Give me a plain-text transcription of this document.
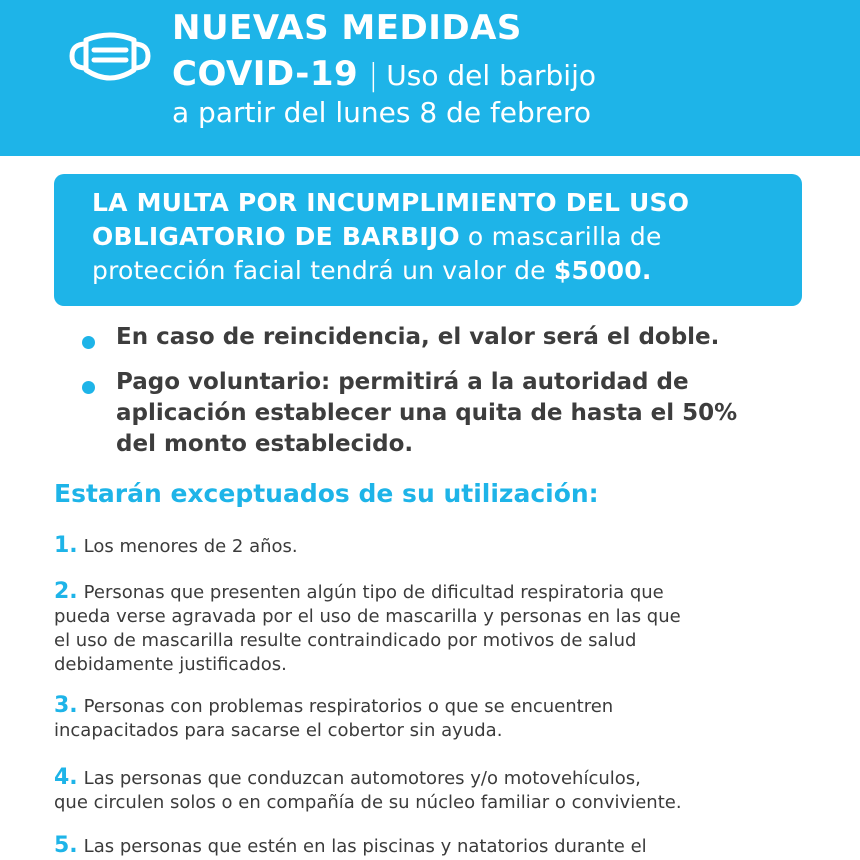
NUEVAS MEDIDAS
COVID-19 | Uso del barbijo
a partir del lunes 8 de febrero
LA MULTA POR INCUMPLIMIENTO DEL USO
OBLIGATORIO DE BARBIJO o mascarilla de
protección facial tendrá un valor de $5000.
En caso de reincidencia, el valor será el doble.
Pago voluntario: permitirá a la autoridad de
aplicación establecer una quita de hasta el 50%
del monto establecido.
Estarán exceptuados de su utilización:
1. Los menores de 2 años.
2. Personas que presenten algún tipo de dificultad respiratoria que
pueda verse agravada por el uso de mascarilla y personas en las que
el uso de mascarilla resulte contraindicado por motivos de salud
debidamente justificados.
3. Personas con problemas respiratorios o que se encuentren
incapacitados para sacarse el cobertor sin ayuda.
4. Las personas que conduzcan automotores y/o motovehículos,
que circulen solos o en compañía de su núcleo familiar o conviviente.
5. Las personas que estén en las piscinas y natatorios durante el
